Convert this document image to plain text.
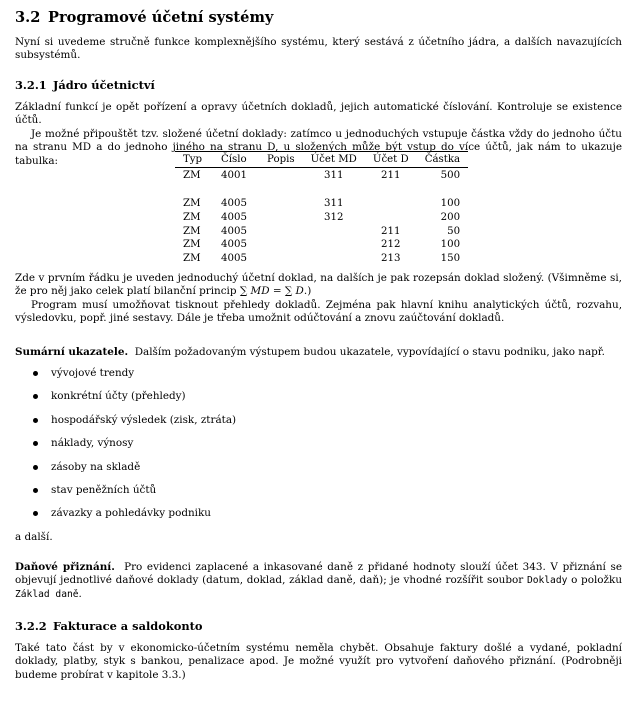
3.2 Programové účetní systémy

Nyní si uvedeme stručně funkce komplexnějšího systému, který sestává z účetního jádra, a dalších navazujících subsystémů.

3.2.1 Jádro účetnictví

Základní funkcí je opět pořízení a opravy účetních dokladů, jejich automatické číslování. Kontroluje se existence účtů.

Je možné připouštět tzv. složené účetní doklady: zatímco u jednoduchých vstupuje částka vždy do jednoho účtu na stranu MD a do jednoho jiného na stranu D, u složených může být vstup do více účtů, jak nám to ukazuje tabulka:	Typ	Číslo	Popis	Účet MD	Účet D	Částka
ZM	4001		311	211	500

ZM	4005		311		100
ZM	4005		312		200
ZM	4005			211	50
ZM	4005			212	100
ZM	4005			213	150

Zde v prvním řádku je uveden jednoduchý účetní doklad, na dalších je pak rozepsán doklad složený. (Všimněme si, že pro něj jako celek platí bilanční princip ∑ MD = ∑ D.)

Program musí umožňovat tisknout přehledy dokladů. Zejména pak hlavní knihu analytických účtů, rozvahu, výsledovku, popř. jiné sestavy. Dále je třeba umožnit odúčtování a znovu zaúčtování dokladů.

Sumární ukazatele. Dalším požadovaným výstupem budou ukazatele, vypovídající o stavu podniku, jako např.

vývojové trendy
konkrétní účty (přehledy)
hospodářský výsledek (zisk, ztráta)
náklady, výnosy
zásoby na skladě
stav peněžních účtů
závazky a pohledávky podniku
a další.

Daňové přiznání. Pro evidenci zaplacené a inkasované daně z přidané hodnoty slouží účet 343. V přiznání se objevují jednotlivé daňové doklady (datum, doklad, základ daně, daň); je vhodné rozšířit soubor Doklady o položku Základ daně.

3.2.2 Fakturace a saldokonto

Také tato část by v ekonomicko-účetním systému neměla chybět. Obsahuje faktury došlé a vydané, pokladní doklady, platby, styk s bankou, penalizace apod. Je možné využít pro vytvoření daňového přiznání. (Podrobněji budeme probírat v kapitole 3.3.)
